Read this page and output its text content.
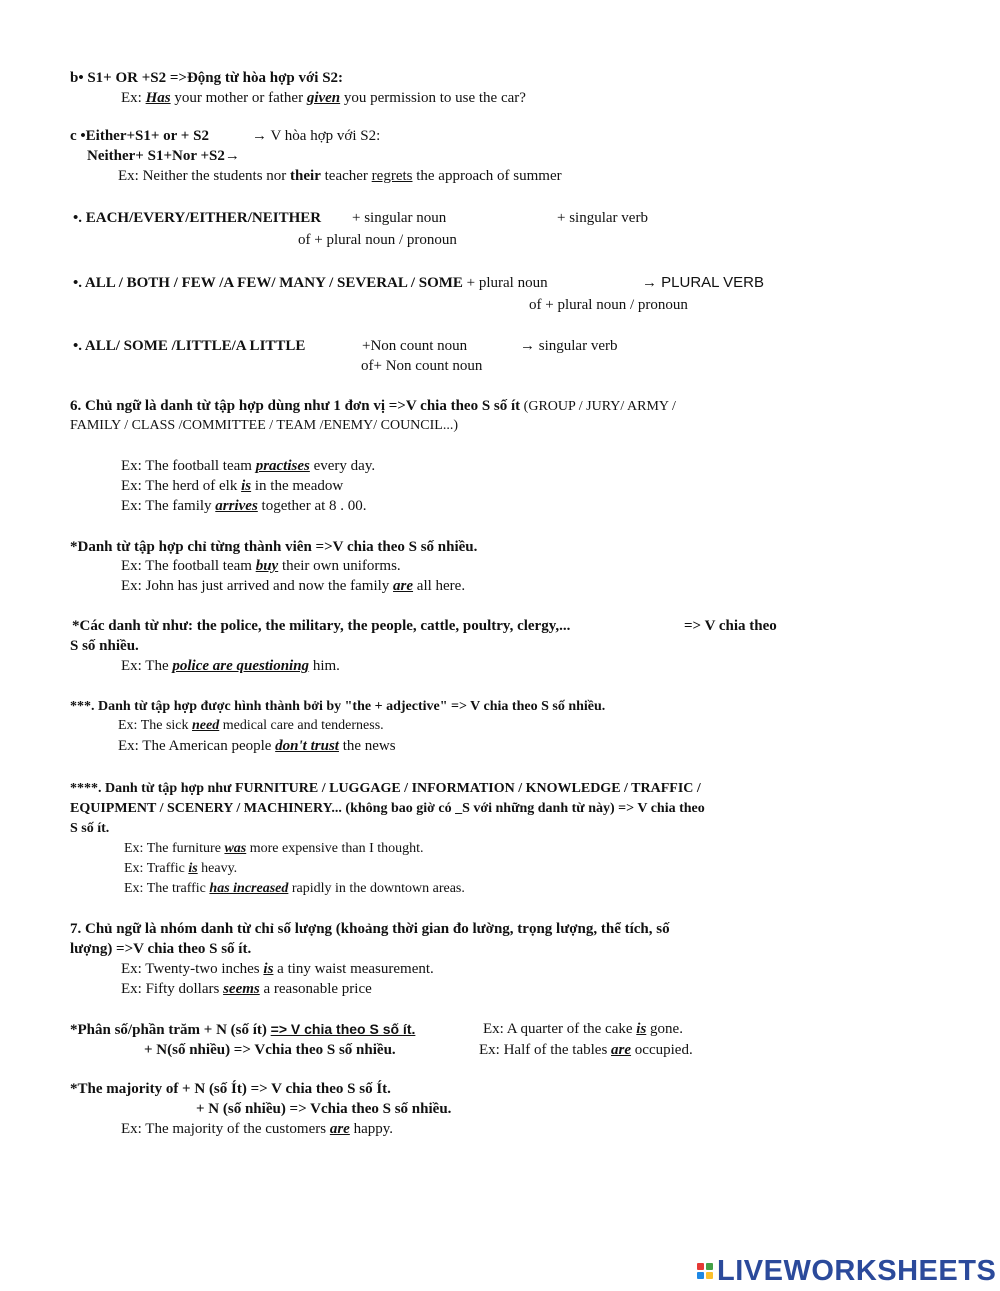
b• S1+ OR +S2 =>Động từ hòa hợp với S2:
Ex: Has your mother or father given you permission to use the car?
c •Either+S1+ or + S2	→ V hòa hợp với S2:
Neither+ S1+Nor +S2→
Ex: Neither the students nor their teacher regrets the approach of summer
•. EACH/EVERY/EITHER/NEITHER + singular noun	+ singular verb
of + plural noun / pronoun
•. ALL / BOTH / FEW /A FEW/ MANY / SEVERAL / SOME + plural noun	→ PLURAL VERB
of + plural noun / pronoun
•. ALL/ SOME /LITTLE/A LITTLE	+Non count noun	→ singular verb
of+ Non count noun
6. Chủ ngữ là danh từ tập hợp dùng như 1 đơn vị =>V chia theo S số ít (GROUP / JURY/ ARMY /
FAMILY / CLASS /COMMITTEE / TEAM /ENEMY/ COUNCIL...)
Ex: The football team practises every day.
Ex: The herd of elk is in the meadow
Ex: The family arrives together at 8 . 00.
*Danh từ tập hợp chỉ từng thành viên =>V chia theo S số nhiều.
Ex: The football team buy their own uniforms.
Ex: John has just arrived and now the family are all here.
*Các danh từ như: the police, the military, the people, cattle, poultry, clergy,...	=> V chia theo
S số nhiều.
Ex: The police are questioning him.
***. Danh từ tập hợp được hình thành bởi by "the + adjective" => V chia theo S số nhiều.
Ex: The sick need medical care and tenderness.
Ex: The American people don't trust the news
****. Danh từ tập hợp như FURNITURE / LUGGAGE / INFORMATION / KNOWLEDGE / TRAFFIC /
EQUIPMENT / SCENERY / MACHINERY... (không bao giờ có _S với những danh từ này) => V chia theo
S số ít.
Ex: The furniture was more expensive than I thought.
Ex: Traffic is heavy.
Ex: The traffic has increased rapidly in the downtown areas.
7. Chủ ngữ là nhóm danh từ chỉ số lượng (khoảng thời gian đo lường, trọng lượng, thể tích, số
lượng) =>V chia theo S số ít.
Ex: Twenty-two inches is a tiny waist measurement.
Ex: Fifty dollars seems a reasonable price
*Phân số/phần trăm + N (số ít) => V chia theo S số ít.	Ex: A quarter of the cake is gone.
+ N(số nhiều) => Vchia theo S số nhiều.	Ex: Half of the tables are occupied.
*The majority of + N (số Ít) => V chia theo S số Ít.
+ N (số nhiều) => Vchia theo S số nhiều.
Ex: The majority of the customers are happy.
LIVEWORKSHEETS
